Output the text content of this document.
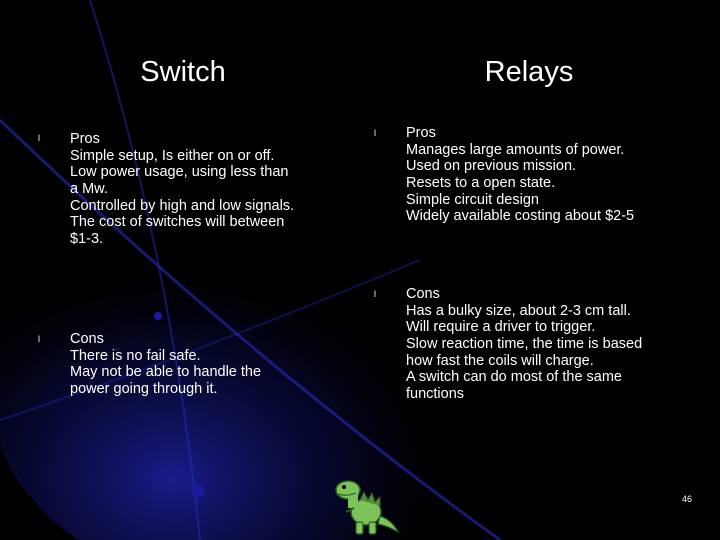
Switch	Relays
l Pros
Simple setup, Is either on or off.
Low power usage, using less than
a Mw.
Controlled by high and low signals.
The cost of switches will between
$1-3.
l Cons
There is no fail safe.
May not be able to handle the
power going through it.
l Pros
Manages large amounts of power.
Used on previous mission.
Resets to a open state.
Simple circuit design
Widely available costing about $2-5
l Cons
Has a bulky size, about 2-3 cm tall.
Will require a driver to trigger.
Slow reaction time, the time is based
how fast the coils will charge.
A switch can do most of the same
functions
46
